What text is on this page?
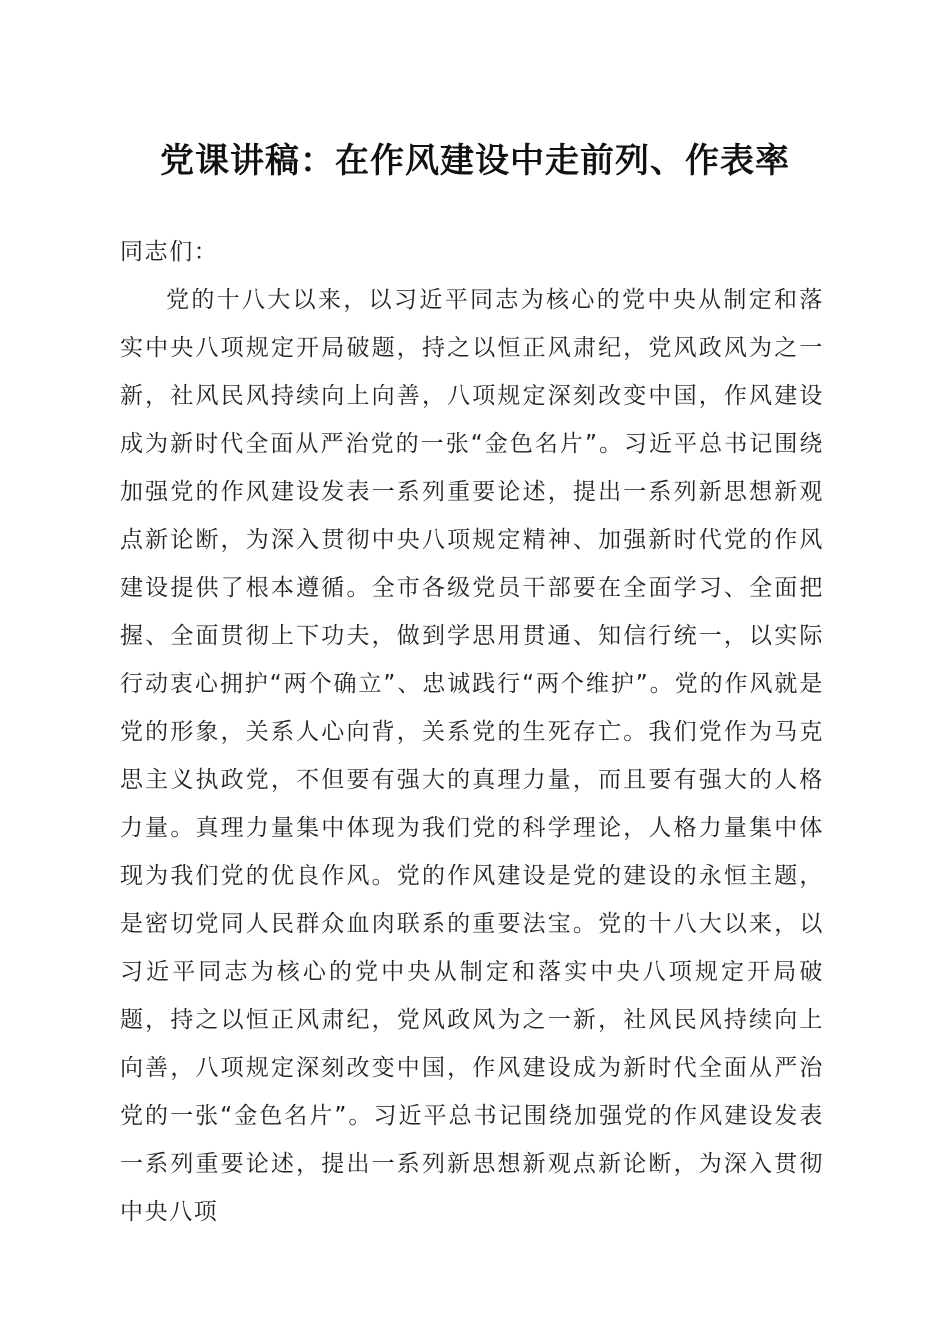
党课讲稿：在作风建设中走前列、作表率

同志们：

党的十八大以来，以习近平同志为核心的党中央从制定和落实中央八项规定开局破题，持之以恒正风肃纪，党风政风为之一新，社风民风持续向上向善，八项规定深刻改变中国，作风建设成为新时代全面从严治党的一张“金色名片”。习近平总书记围绕加强党的作风建设发表一系列重要论述，提出一系列新思想新观点新论断，为深入贯彻中央八项规定精神、加强新时代党的作风建设提供了根本遵循。全市各级党员干部要在全面学习、全面把握、全面贯彻上下功夫，做到学思用贯通、知信行统一，以实际行动衷心拥护“两个确立”、忠诚践行“两个维护”。党的作风就是党的形象，关系人心向背，关系党的生死存亡。我们党作为马克思主义执政党，不但要有强大的真理力量，而且要有强大的人格力量。真理力量集中体现为我们党的科学理论，人格力量集中体现为我们党的优良作风。党的作风建设是党的建设的永恒主题，是密切党同人民群众血肉联系的重要法宝。党的十八大以来，以习近平同志为核心的党中央从制定和落实中央八项规定开局破题，持之以恒正风肃纪，党风政风为之一新，社风民风持续向上向善，八项规定深刻改变中国，作风建设成为新时代全面从严治党的一张“金色名片”。习近平总书记围绕加强党的作风建设发表一系列重要论述，提出一系列新思想新观点新论断，为深入贯彻中央八项
